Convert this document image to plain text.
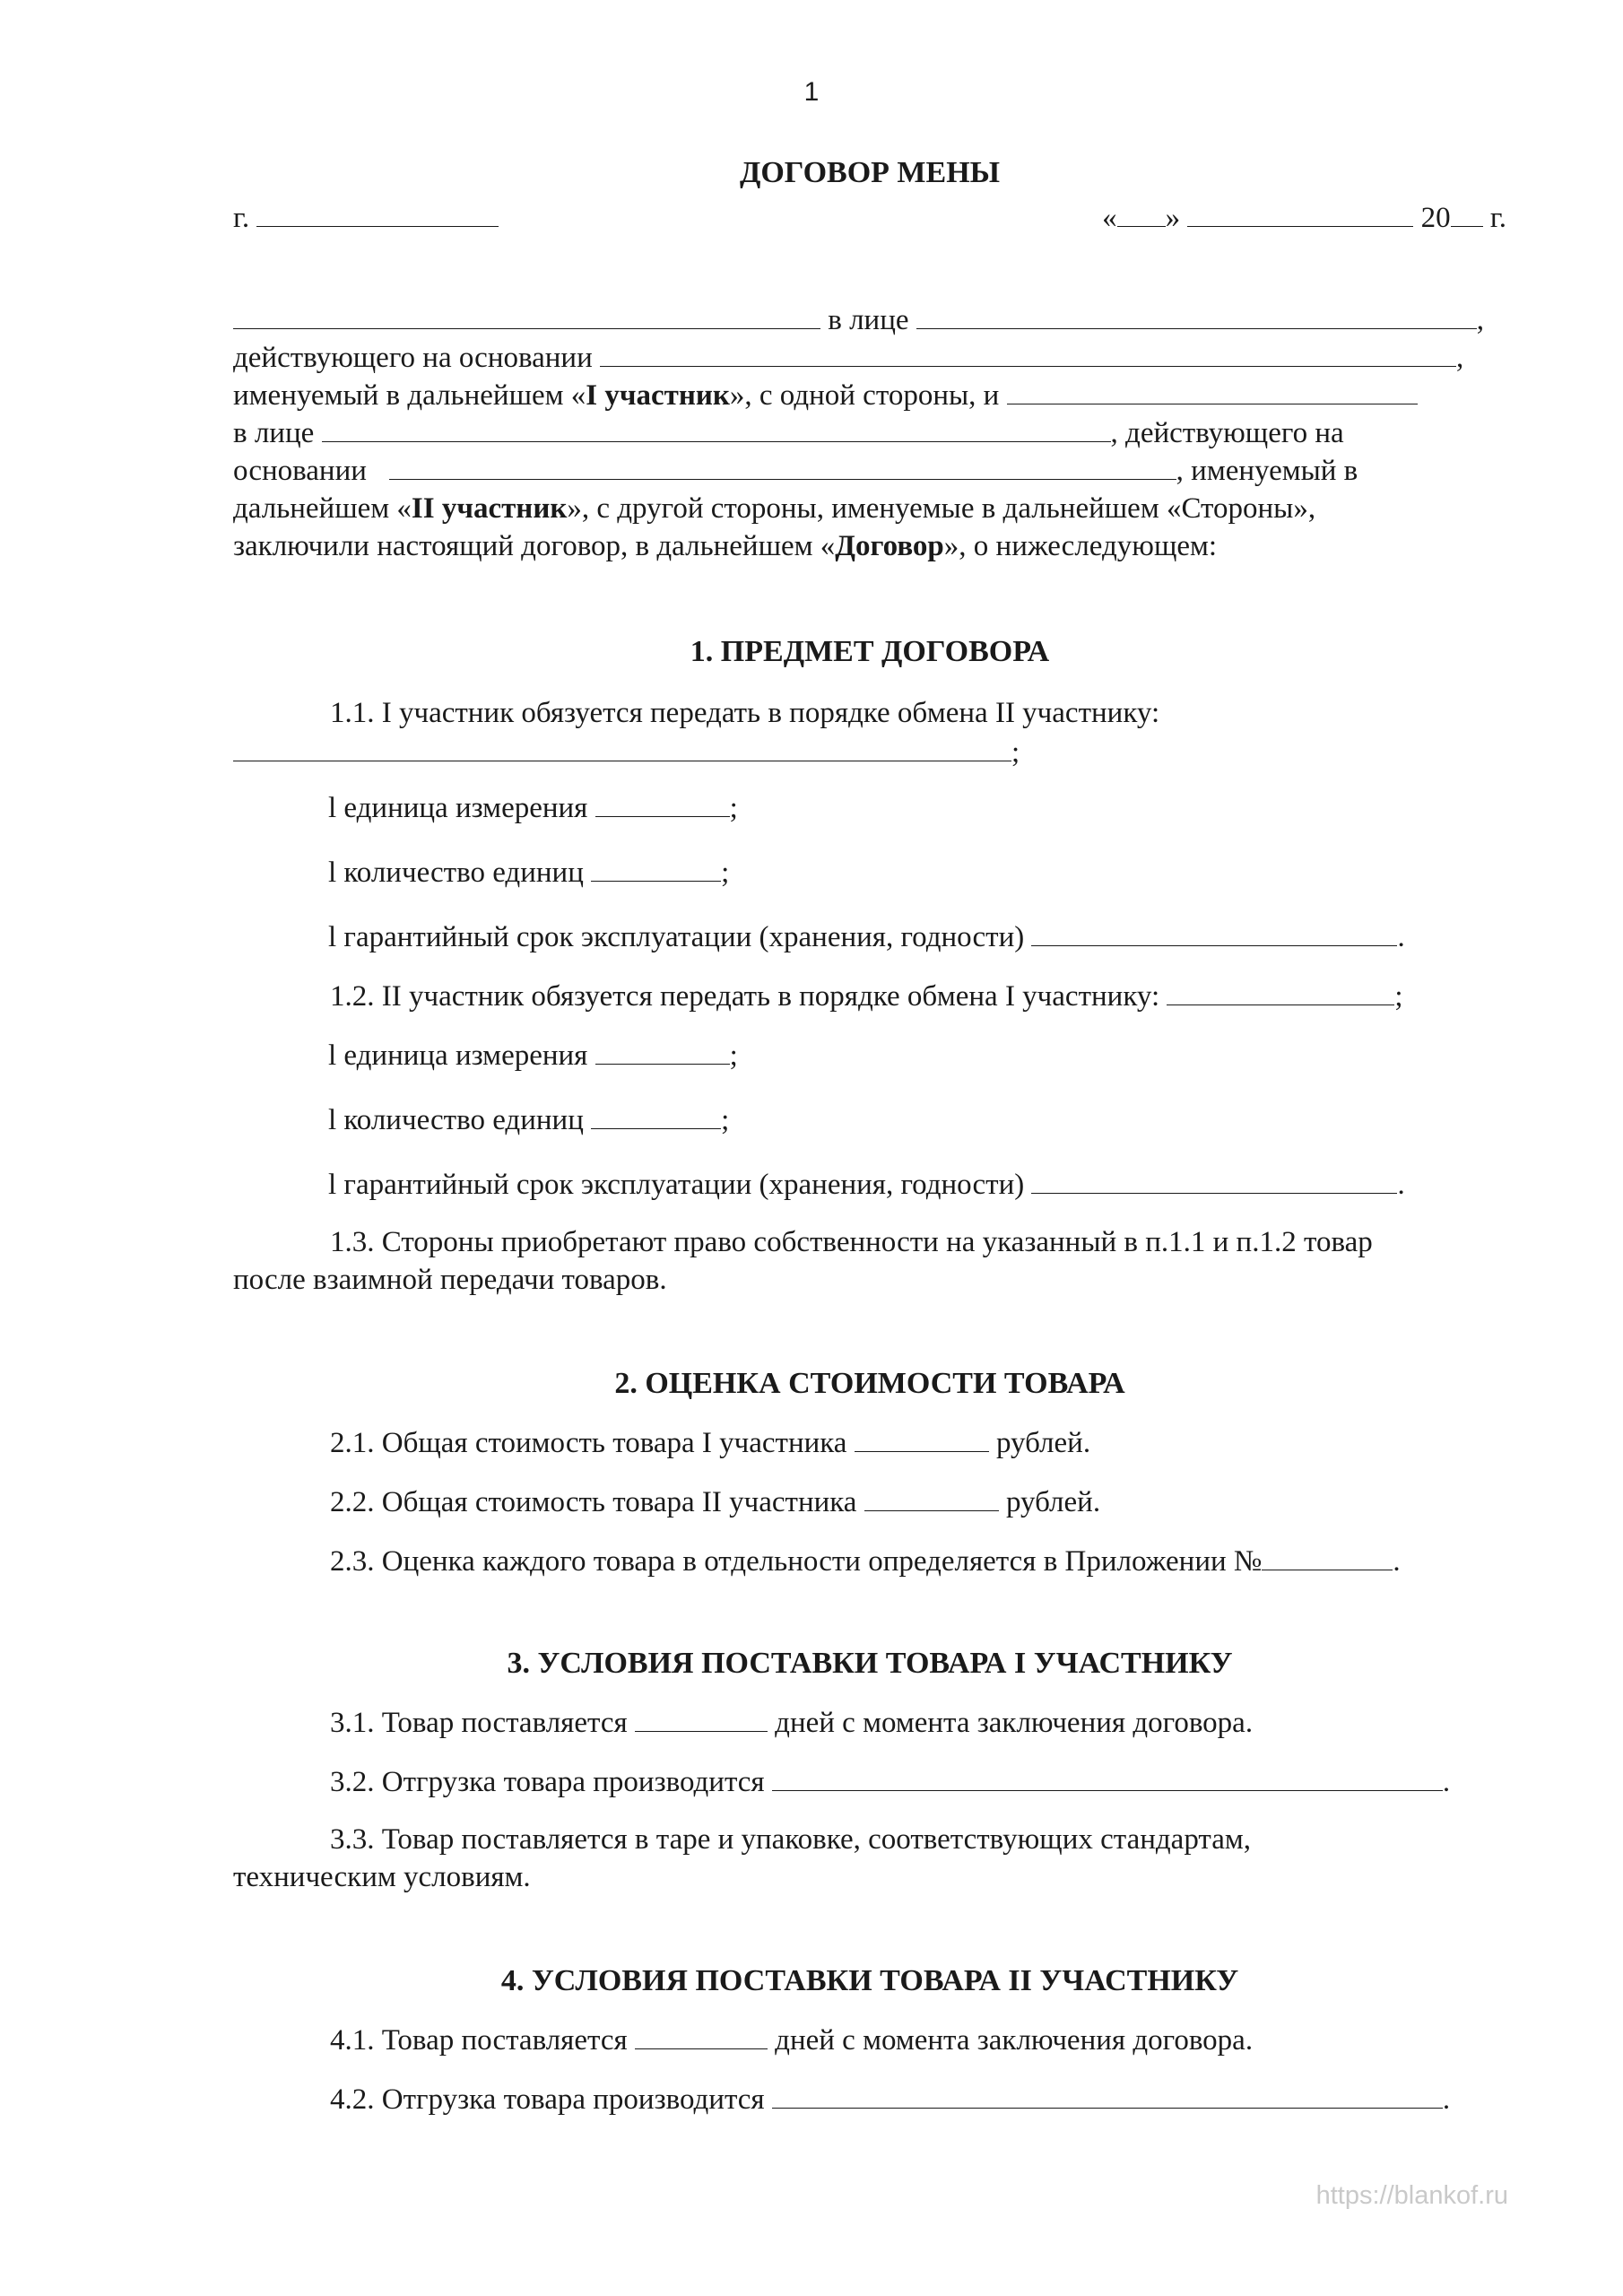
1
ДОГОВОР МЕНЫ
г.	« »	20 г.

в лице	,

действующего на основании	,

именуемый в дальнейшем «I участник», с одной стороны, и

в лице	, действующего на

основании	, именуемый в

дальнейшем «II участник», с другой стороны, именуемые в дальнейшем «Стороны»,

заключили настоящий договор, в дальнейшем «Договор», о нижеследующем:

1. ПРЕДМЕТ ДОГОВОРА
1.1. I участник обязуется передать в порядке обмена II участнику:
;
l единица измерения	;
l количество единиц	;
l гарантийный срок эксплуатации (хранения, годности)	.
1.2. II участник обязуется передать в порядке обмена I участнику:	;
l единица измерения	;
l количество единиц	;
l гарантийный срок эксплуатации (хранения, годности)	.

1.3. Стороны приобретают право собственности на указанный в п.1.1 и п.1.2 товар

после взаимной передачи товаров.

2. ОЦЕНКА СТОИМОСТИ ТОВАРА
2.1. Общая стоимость товара I участника	рублей.
2.2. Общая стоимость товара II участника	рублей.
2.3. Оценка каждого товара в отдельности определяется в Приложении №	.
3. УСЛОВИЯ ПОСТАВКИ ТОВАРА I УЧАСТНИКУ
3.1. Товар поставляется	дней с момента заключения договора.
3.2. Отгрузка товара производится	.

3.3. Товар поставляется в таре и упаковке, соответствующих стандартам,

техническим условиям.

4. УСЛОВИЯ ПОСТАВКИ ТОВАРА II УЧАСТНИКУ
4.1. Товар поставляется	дней с момента заключения договора.
4.2. Отгрузка товара производится	.
https://blankof.ru
